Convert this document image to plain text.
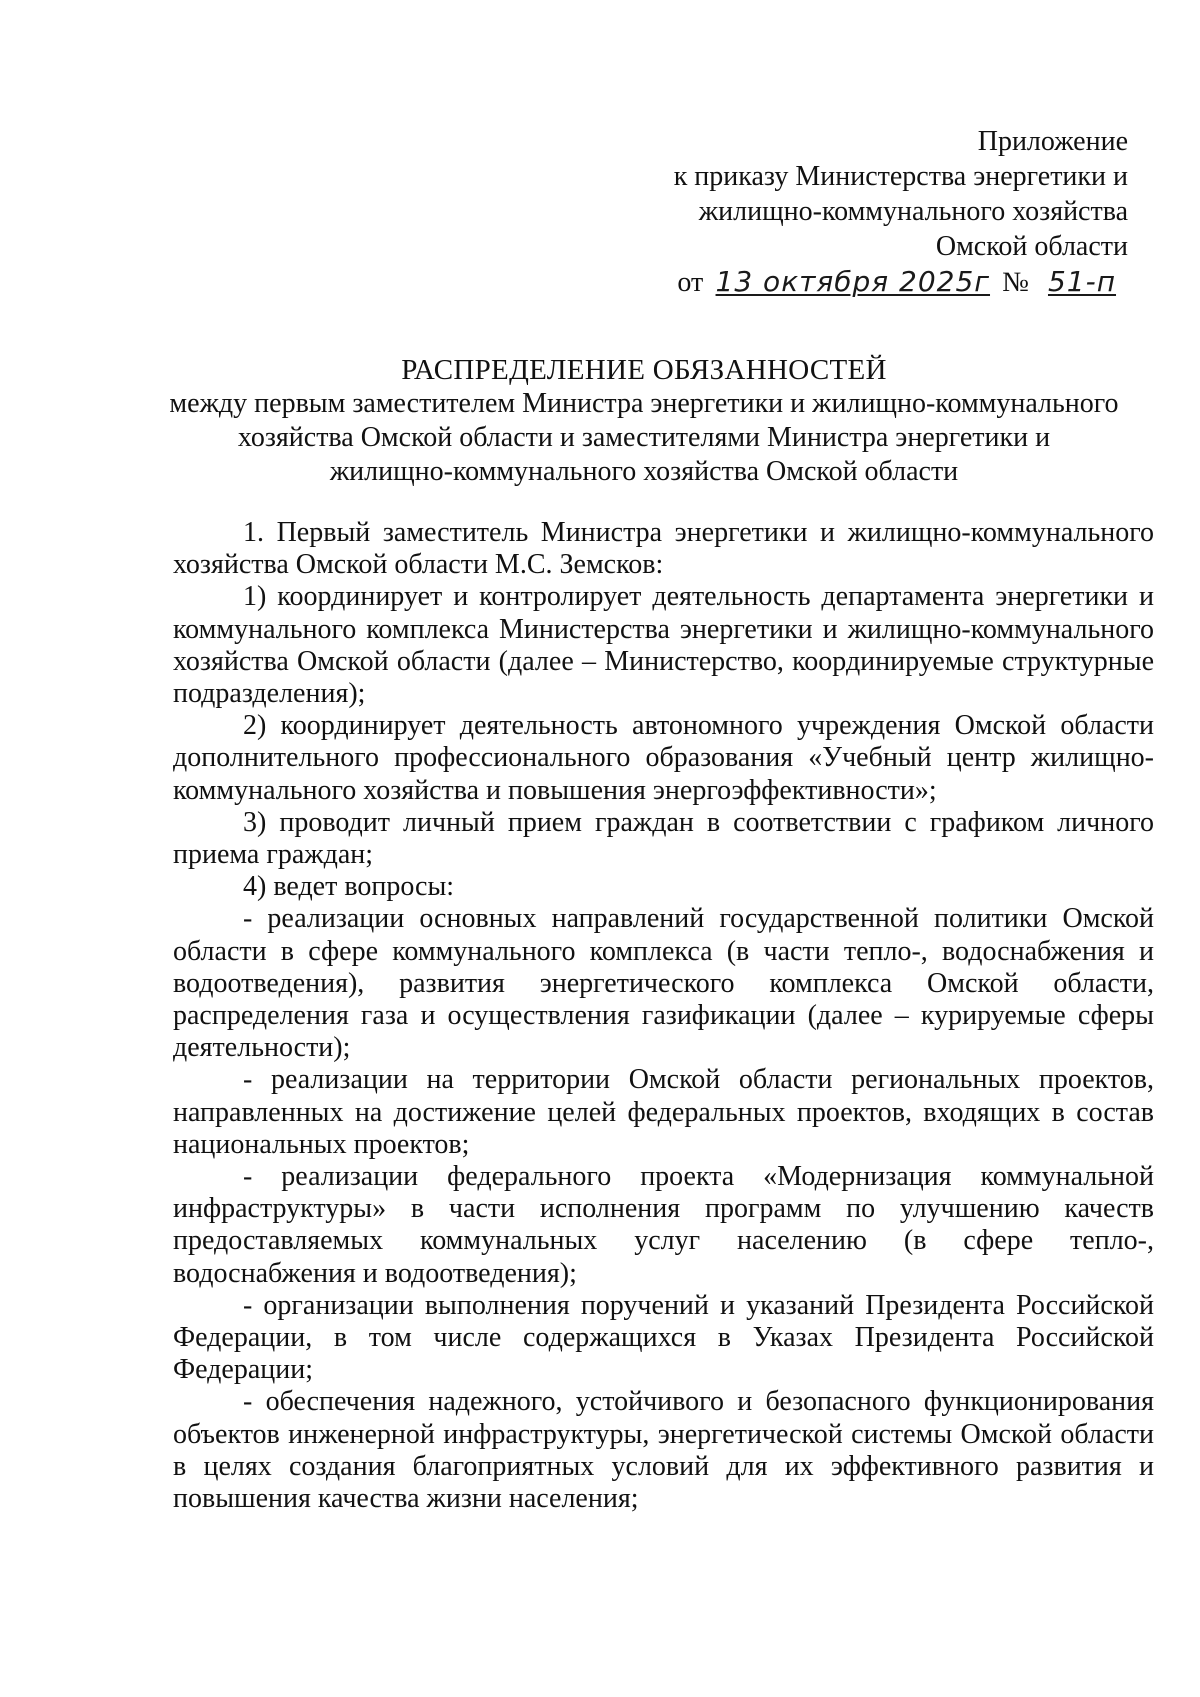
Приложение
к приказу Министерства энергетики и
жилищно-коммунального хозяйства
Омской области
от 13 октября 2025г № 51-п
РАСПРЕДЕЛЕНИЕ ОБЯЗАННОСТЕЙ
между первым заместителем Министра энергетики и жилищно-коммунального
хозяйства Омской области и заместителями Министра энергетики и
жилищно-коммунального хозяйства Омской области

1. Первый заместитель Министра энергетики и жилищно-коммунального хозяйства Омской области М.С. Земсков:

1) координирует и контролирует деятельность департамента энергетики и коммунального комплекса Министерства энергетики и жилищно-коммунального хозяйства Омской области (далее – Министерство, координируемые структурные подразделения);

2) координирует деятельность автономного учреждения Омской области дополнительного профессионального образования «Учебный центр жилищно-коммунального хозяйства и повышения энергоэффективности»;

3) проводит личный прием граждан в соответствии с графиком личного приема граждан;

4) ведет вопросы:

- реализации основных направлений государственной политики Омской области в сфере коммунального комплекса (в части тепло-, водоснабжения и водоотведения), развития энергетического комплекса Омской области, распределения газа и осуществления газификации (далее – курируемые сферы деятельности);

- реализации на территории Омской области региональных проектов, направленных на достижение целей федеральных проектов, входящих в состав национальных проектов;

- реализации федерального проекта «Модернизация коммунальной инфраструктуры» в части исполнения программ по улучшению качеств предоставляемых коммунальных услуг населению (в сфере тепло-, водоснабжения и водоотведения);

- организации выполнения поручений и указаний Президента Российской Федерации, в том числе содержащихся в Указах Президента Российской Федерации;

- обеспечения надежного, устойчивого и безопасного функционирования объектов инженерной инфраструктуры, энергетической системы Омской области в целях создания благоприятных условий для их эффективного развития и повышения качества жизни населения;
